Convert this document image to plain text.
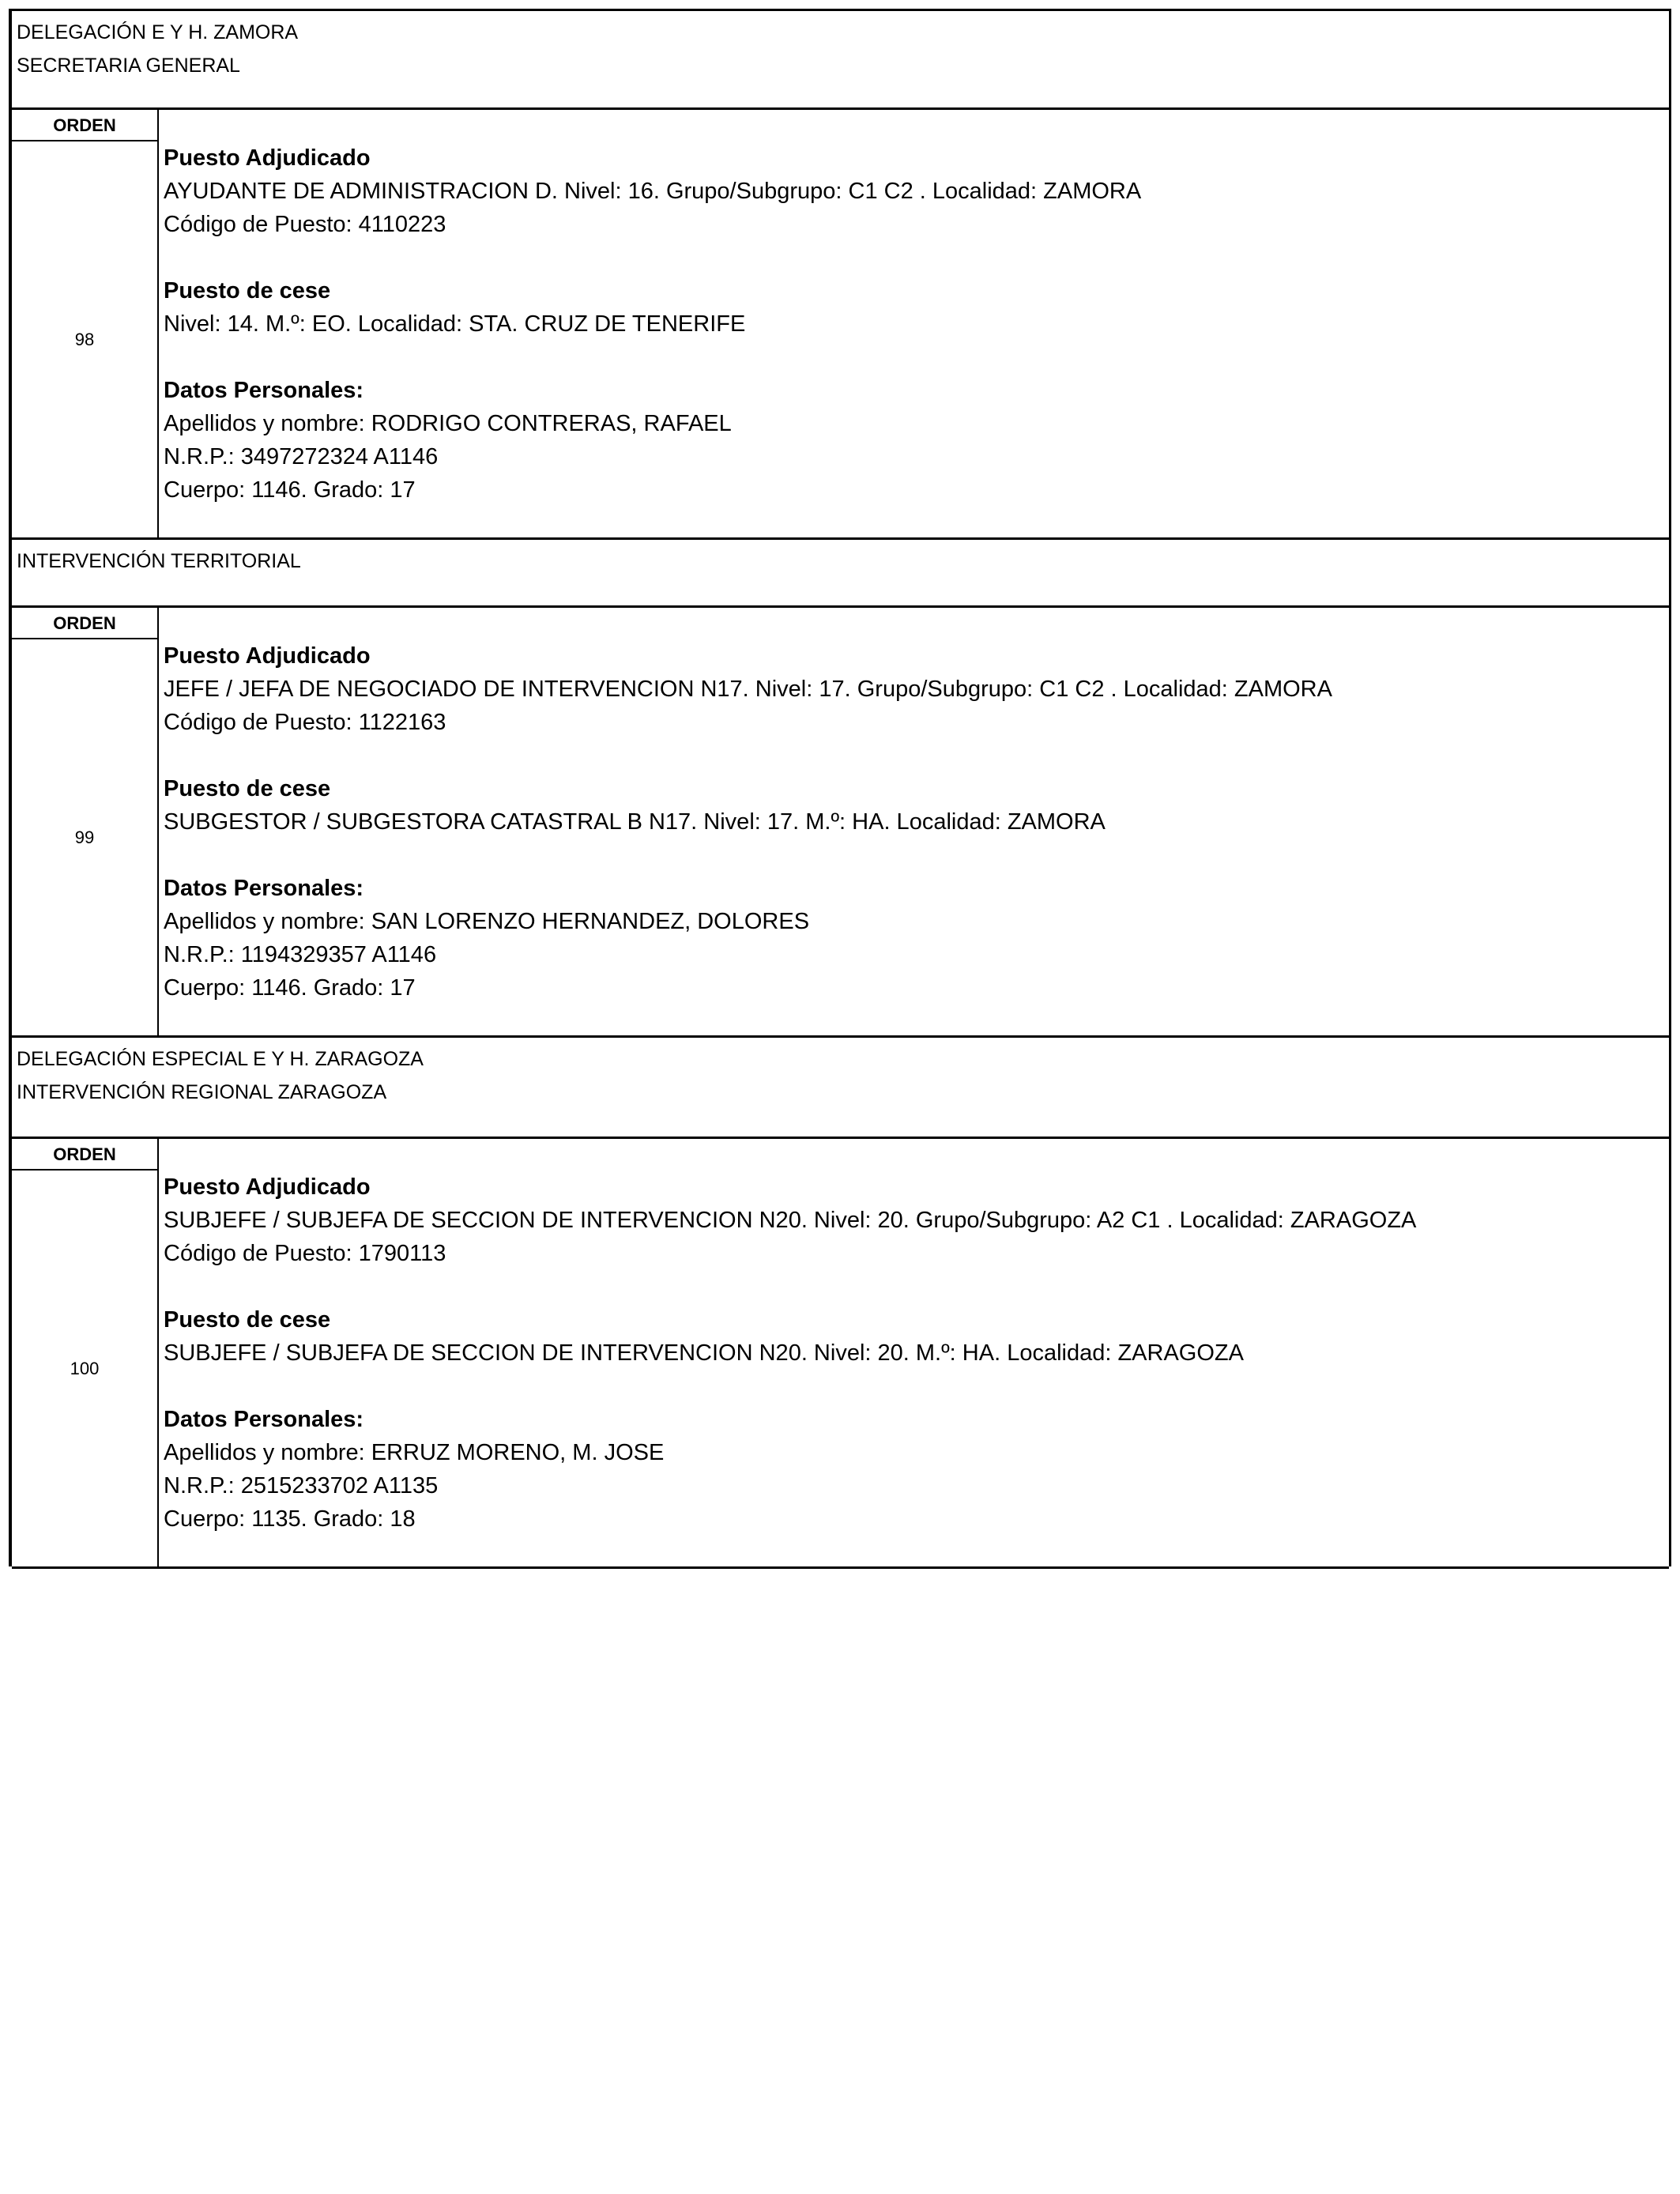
DELEGACIÓN E Y H. ZAMORA
SECRETARIA GENERAL
ORDEN
98
Puesto Adjudicado
AYUDANTE DE ADMINISTRACION D. Nivel: 16. Grupo/Subgrupo: C1 C2 . Localidad: ZAMORA
Código de Puesto: 4110223
Puesto de cese
Nivel: 14. M.º: EO. Localidad: STA. CRUZ DE TENERIFE
Datos Personales:
Apellidos y nombre: RODRIGO CONTRERAS, RAFAEL
N.R.P.: 3497272324 A1146
Cuerpo: 1146. Grado: 17
INTERVENCIÓN TERRITORIAL
ORDEN
99
Puesto Adjudicado
JEFE / JEFA DE NEGOCIADO DE INTERVENCION N17. Nivel: 17. Grupo/Subgrupo: C1 C2 . Localidad: ZAMORA
Código de Puesto: 1122163
Puesto de cese
SUBGESTOR / SUBGESTORA CATASTRAL B N17. Nivel: 17. M.º: HA. Localidad: ZAMORA
Datos Personales:
Apellidos y nombre: SAN LORENZO HERNANDEZ, DOLORES
N.R.P.: 1194329357 A1146
Cuerpo: 1146. Grado: 17
DELEGACIÓN ESPECIAL E Y H. ZARAGOZA
INTERVENCIÓN REGIONAL ZARAGOZA
ORDEN
100
Puesto Adjudicado
SUBJEFE / SUBJEFA DE SECCION DE INTERVENCION N20. Nivel: 20. Grupo/Subgrupo: A2 C1 . Localidad: ZARAGOZA
Código de Puesto: 1790113
Puesto de cese
SUBJEFE / SUBJEFA DE SECCION DE INTERVENCION N20. Nivel: 20. M.º: HA. Localidad: ZARAGOZA
Datos Personales:
Apellidos y nombre: ERRUZ MORENO, M. JOSE
N.R.P.: 2515233702 A1135
Cuerpo: 1135. Grado: 18
